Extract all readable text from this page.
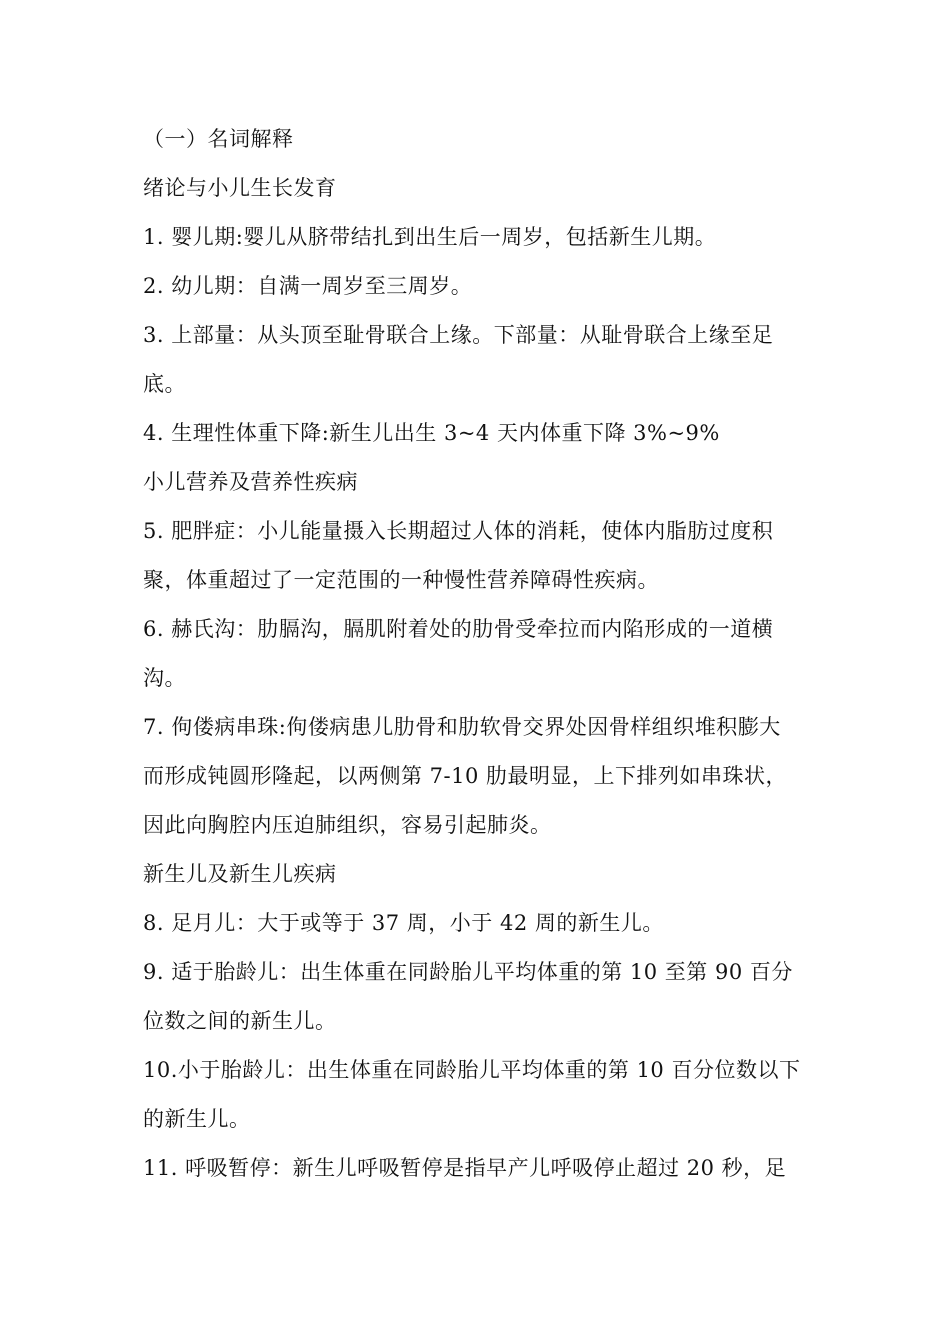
（一）名词解释
绪论与小儿生长发育
1. 婴儿期:婴儿从脐带结扎到出生后一周岁，包括新生儿期。
2. 幼儿期：自满一周岁至三周岁。
3. 上部量：从头顶至耻骨联合上缘。下部量：从耻骨联合上缘至足
底。
4. 生理性体重下降:新生儿出生 3~4 天内体重下降 3%~9%
小儿营养及营养性疾病
5. 肥胖症：小儿能量摄入长期超过人体的消耗，使体内脂肪过度积
聚，体重超过了一定范围的一种慢性营养障碍性疾病。
6. 赫氏沟：肋膈沟，膈肌附着处的肋骨受牵拉而内陷形成的一道横
沟。
7. 佝偻病串珠:佝偻病患儿肋骨和肋软骨交界处因骨样组织堆积膨大
而形成钝圆形隆起，以两侧第 7-10 肋最明显，上下排列如串珠状，
因此向胸腔内压迫肺组织，容易引起肺炎。
新生儿及新生儿疾病
8. 足月儿：大于或等于 37 周，小于 42 周的新生儿。
9. 适于胎龄儿：出生体重在同龄胎儿平均体重的第 10 至第 90 百分
位数之间的新生儿。
10.小于胎龄儿：出生体重在同龄胎儿平均体重的第 10 百分位数以下
的新生儿。
11. 呼吸暂停：新生儿呼吸暂停是指早产儿呼吸停止超过 20 秒，足
